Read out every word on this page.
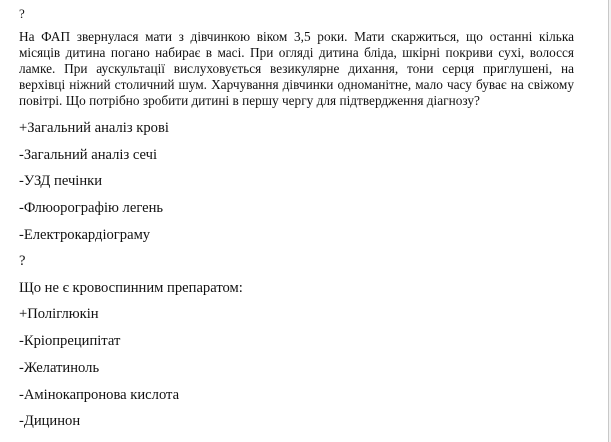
?
На ФАП звернулася мати з дівчинкою віком 3,5 роки. Мати скаржиться, що останні кілька місяців дитина погано набирає в масі. При огляді дитина бліда, шкірні покриви сухі, волосся ламке. При аускультації вислуховується везикулярне дихання, тони серця приглушені, на верхівці ніжний столичний шум. Харчування дівчинки одноманітне, мало часу буває на свіжому повітрі. Що потрібно зробити дитині в першу чергу для підтвердження діагнозу?
+Загальний аналіз крові
-Загальний аналіз сечі
-УЗД печінки
-Флюорографію легень
-Електрокардіограму
?
Що не є кровоспинним препаратом:
+Поліглюкін
-Кріопреципітат
-Желатиноль
-Амінокапронова кислота
-Дицинон
